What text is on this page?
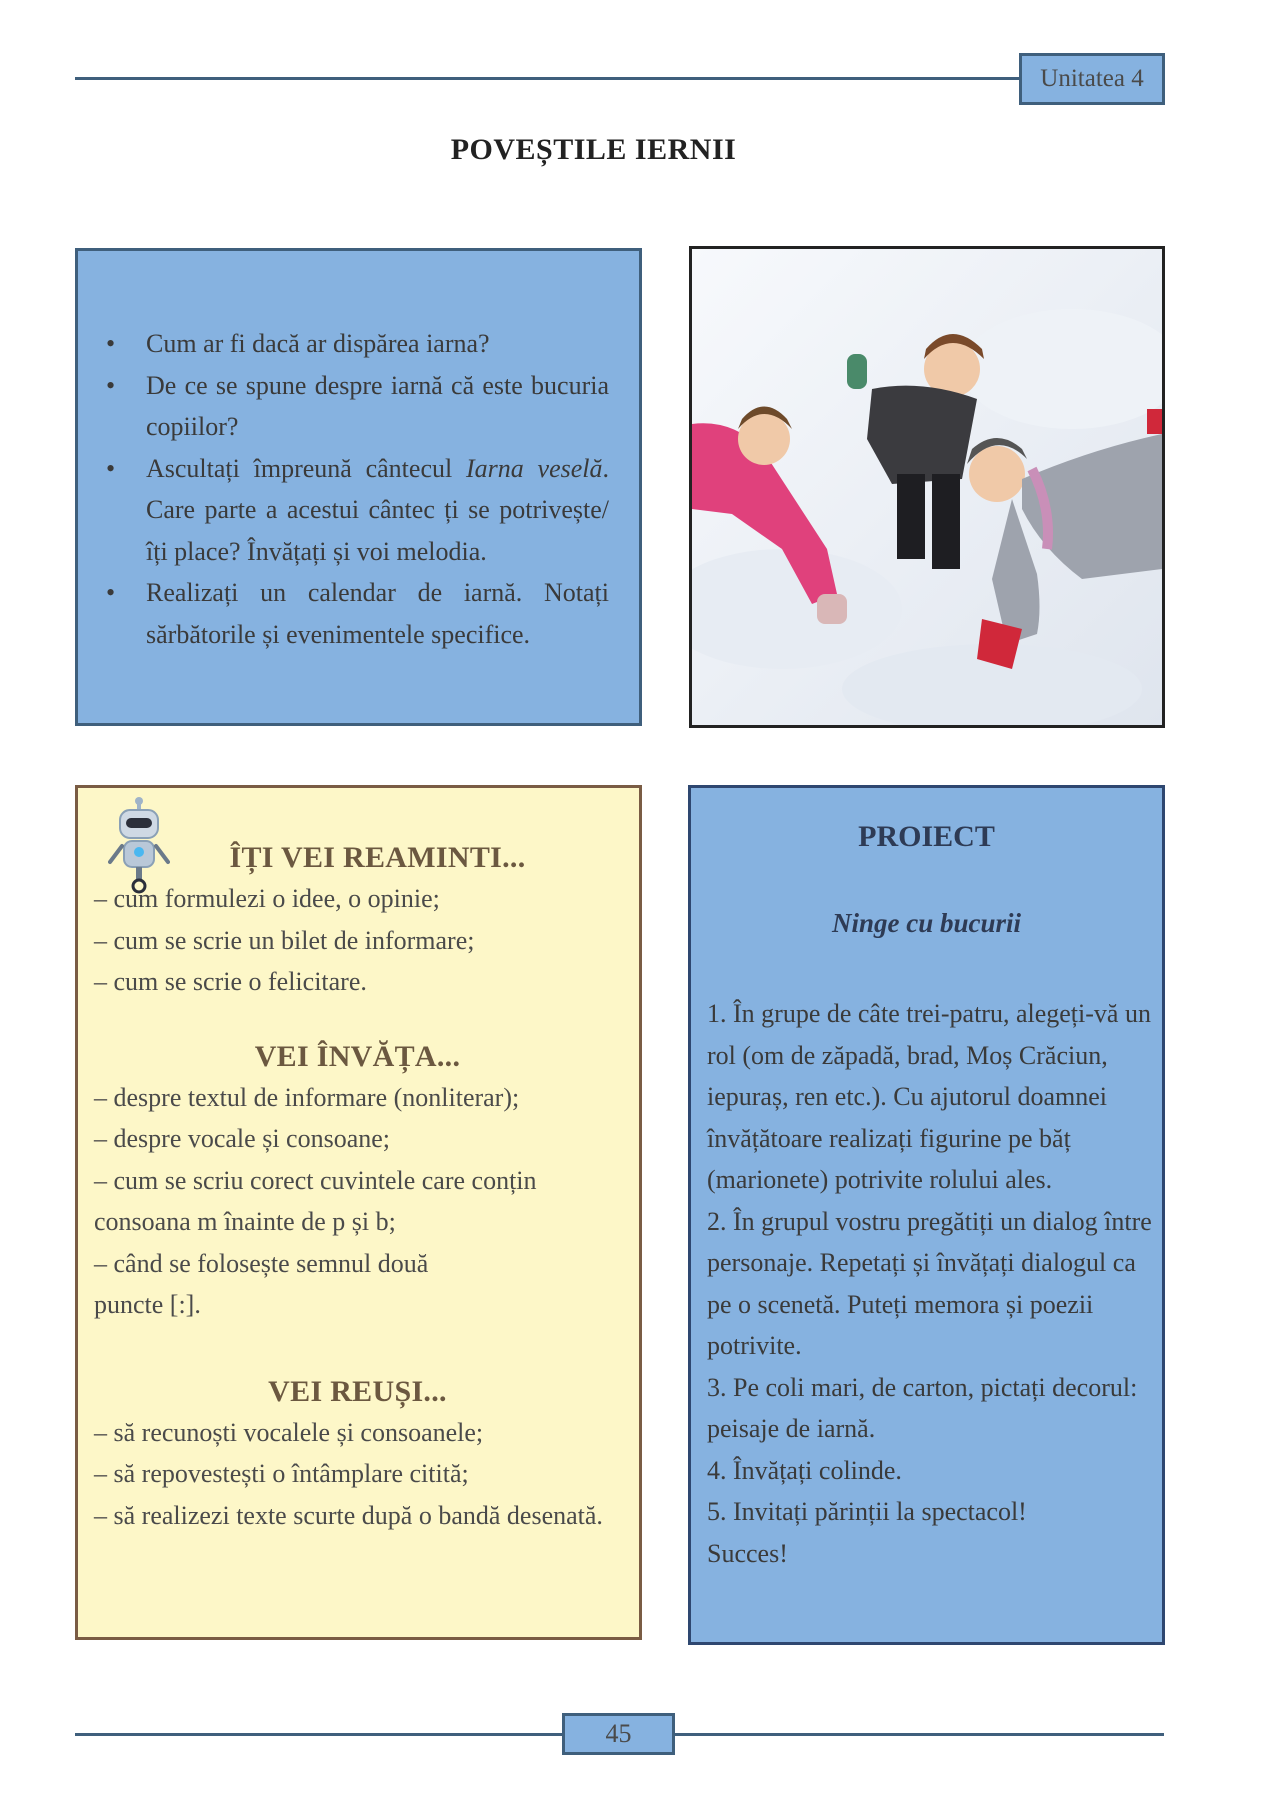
Unitatea 4
POVEȘTILE IERNII
• Cum ar fi dacă ar dispărea iarna?
• De ce se spune despre iarnă că este bucuria copiilor?
• Ascultați împreună cântecul Iarna veselă. Care parte a acestui cântec ți se potrivește/îți place? Învățați și voi melodia.
• Realizați un calendar de iarnă. Notați sărbătorile și evenimentele specifice.
ÎȚI VEI REAMINTI...
– cum formulezi o idee, o opinie;
– cum se scrie un bilet de informare;
– cum se scrie o felicitare.
VEI ÎNVĂȚA...
– despre textul de informare (nonliterar);
– despre vocale și consoane;
– cum se scriu corect cuvintele care conțin consoana m înainte de p și b;
– când se folosește semnul două puncte [:].
VEI REUȘI...
– să recunoști vocalele și consoanele;
– să repovestești o întâmplare citită;
– să realizezi texte scurte după o bandă desenată.
PROIECT
Ninge cu bucurii
1. În grupe de câte trei-patru, alegeți-vă un rol (om de zăpadă, brad, Moș Crăciun, iepuraș, ren etc.). Cu ajutorul doamnei învățătoare realizați figurine pe băț (marionete) potrivite rolului ales.
2. În grupul vostru pregătiți un dialog între personaje. Repetați și învățați dialogul ca pe o scenetă. Puteți memora și poezii potrivite.
3. Pe coli mari, de carton, pictați decorul: peisaje de iarnă.
4. Învățați colinde.
5. Invitați părinții la spectacol!
Succes!
45
